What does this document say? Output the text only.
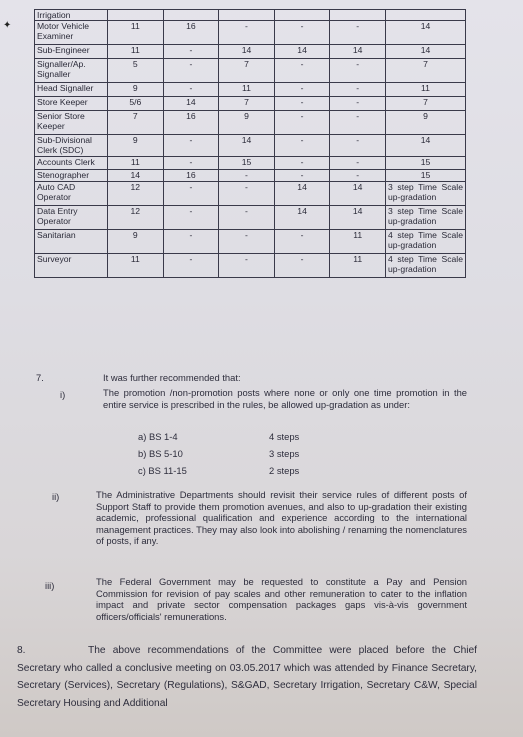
✦
Irrigation						
Motor Vehicle Examiner	11	16	-	-	-	14
Sub-Engineer	11	-	14	14	14	14
Signaller/Ap. Signaller	5	-	7	-	-	7
Head Signaller	9	-	11	-	-	11
Store Keeper	5/6	14	7	-	-	7
Senior Store Keeper	7	16	9	-	-	9
Sub-Divisional Clerk (SDC)	9	-	14	-	-	14
Accounts Clerk	11	-	15	-	-	15
Stenographer	14	16	-	-	-	15
Auto CAD Operator	12	-	-	14	14	3 step Time Scale up-gradation
Data Entry Operator	12	-	-	14	14	3 step Time Scale up-gradation
Sanitarian	9	-	-	-	11	4 step Time Scale up-gradation
Surveyor	11	-	-	-	11	4 step Time Scale up-gradation
7.	It was further recommended that:
i)	The promotion /non-promotion posts where none or only one time promotion in the entire service is prescribed in the rules, be allowed up-gradation as under:
a) BS 1-4	4 steps
b) BS 5-10	3 steps
c) BS 11-15	2 steps
ii)	The Administrative Departments should revisit their service rules of different posts of Support Staff to provide them promotion avenues, and also to up-gradation their existing academic, professional qualification and experience according to the international management practices. They may also look into abolishing / renaming the nomenclatures of posts, if any.
iii)	The Federal Government may be requested to constitute a Pay and Pension Commission for revision of pay scales and other remuneration to cater to the inflation impact and private sector compensation packages gaps vis-à-vis government officers/officials' remunerations.
8.	The above recommendations of the Committee were placed before the Chief Secretary who called a conclusive meeting on 03.05.2017 which was attended by Finance Secretary, Secretary (Services), Secretary (Regulations), S&GAD, Secretary Irrigation, Secretary C&W, Special Secretary Housing and Additional
